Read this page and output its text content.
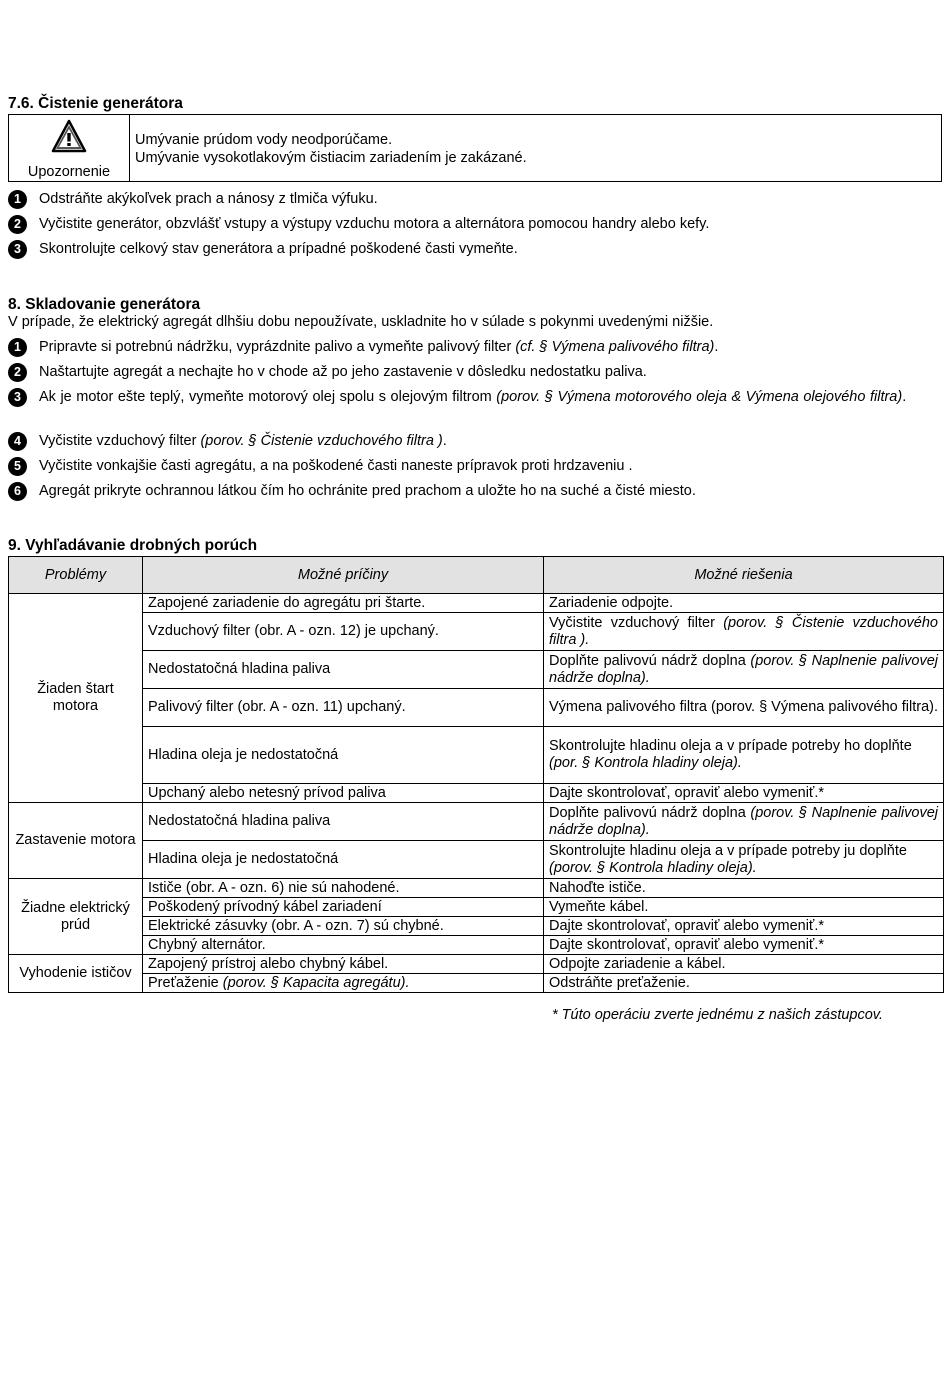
7.6. Čistenie generátora
Upozornenie
Umývanie prúdom vody neodporúčame.
Umývanie vysokotlakovým čistiacim zariadením je zakázané.
1	Odstráňte akýkoľvek prach a nánosy z tlmiča výfuku.
2	Vyčistite generátor, obzvlášť vstupy a výstupy vzduchu motora a alternátora pomocou handry alebo kefy.
3	Skontrolujte celkový stav generátora a prípadné poškodené časti vymeňte.
8. Skladovanie generátora
V prípade, že elektrický agregát dlhšiu dobu nepoužívate, uskladnite ho v súlade s pokynmi uvedenými nižšie.
1	Pripravte si potrebnú nádržku, vyprázdnite palivo a vymeňte palivový filter (cf. § Výmena palivového filtra).
2	Naštartujte agregát a nechajte ho v chode až po jeho zastavenie v dôsledku nedostatku paliva.
3	Ak je motor ešte teplý, vymeňte motorový olej spolu s olejovým filtrom (porov. § Výmena motorového oleja & Výmena olejového filtra).
4	Vyčistite vzduchový filter (porov. § Čistenie vzduchového filtra ).
5	Vyčistite vonkajšie časti agregátu, a na poškodené časti naneste prípravok proti hrdzaveniu .
6	Agregát prikryte ochrannou látkou čím ho ochránite pred prachom a uložte ho na suché a čisté miesto.
9. Vyhľadávanie drobných porúch
Problémy	Možné príčiny	Možné riešenia
Žiaden štart motora	Zapojené zariadenie do agregátu pri štarte.	Zariadenie odpojte.
	Vzduchový filter (obr. A - ozn. 12) je upchaný.	Vyčistite vzduchový filter (porov. § Čistenie vzduchového filtra ).
	Nedostatočná hladina paliva	Doplňte palivovú nádrž doplna (porov. § Naplnenie palivovej nádrže doplna).
	Palivový filter (obr. A - ozn. 11) upchaný.	Výmena palivového filtra (porov. § Výmena palivového filtra).
	Hladina oleja je nedostatočná	Skontrolujte hladinu oleja a v prípade potreby ho doplňte
(por. § Kontrola hladiny oleja).
	Upchaný alebo netesný prívod paliva	Dajte skontrolovať, opraviť alebo vymeniť.*
Zastavenie motora	Nedostatočná hladina paliva	Doplňte palivovú nádrž doplna (porov. § Naplnenie palivovej nádrže doplna).
	Hladina oleja je nedostatočná	Skontrolujte hladinu oleja a v prípade potreby ju doplňte (porov. § Kontrola hladiny oleja).
Žiadne elektrický prúd	Ističe (obr. A - ozn. 6) nie sú nahodené.	Nahoďte ističe.
	Poškodený prívodný kábel zariadení	Vymeňte kábel.
	Elektrické zásuvky (obr. A - ozn. 7) sú chybné.	Dajte skontrolovať, opraviť alebo vymeniť.*
	Chybný alternátor.	Dajte skontrolovať, opraviť alebo vymeniť.*
Vyhodenie ističov	Zapojený prístroj alebo chybný kábel.	Odpojte zariadenie a kábel.
	Preťaženie (porov. § Kapacita agregátu).	Odstráňte preťaženie.
* Túto operáciu zverte jednému z našich zástupcov.
